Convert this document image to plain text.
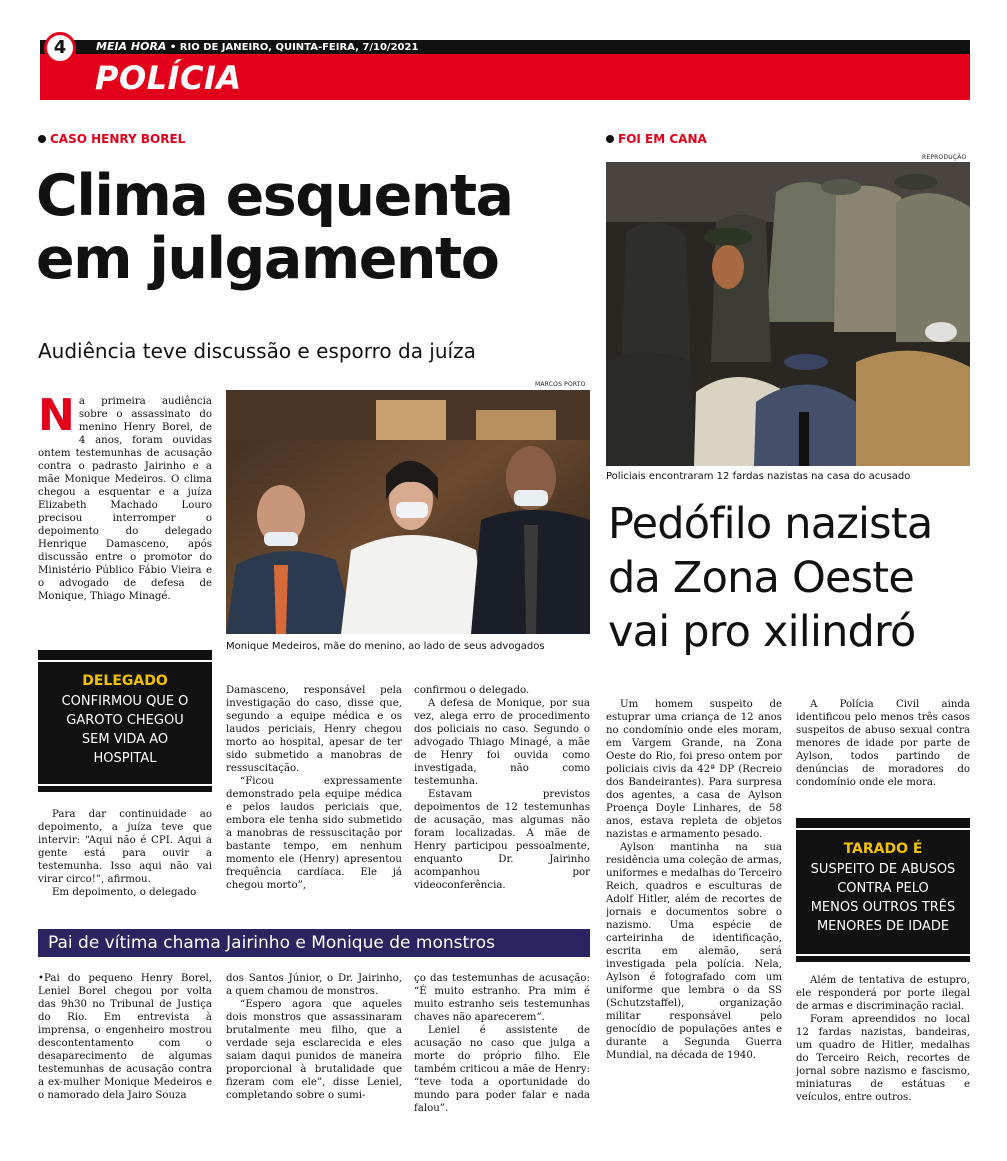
4	MEIA HORA • RIO DE JANEIRO, QUINTA-FEIRA, 7/10/2021
POLÍCIA
CASO HENRY BOREL
Clima esquenta
em julgamento
Audiência teve discussão e esporro da juíza

Na primeira audiência sobre o assassinato do menino Henry Borel, de 4 anos, foram ouvidas ontem testemunhas de acusação contra o padrasto Jairinho e a mãe Monique Medeiros. O clima chegou a esquentar e a juíza Elizabeth Machado Louro precisou interromper o depoimento do delegado Henrique Damasceno, após discussão entre o promotor do Ministério Público Fábio Vieira e o advogado de defesa de Monique, Thiago Minagé.

MARCOS PORTO
Monique Medeiros, mãe do menino, ao lado de seus advogados
DELEGADO
CONFIRMOU QUE O
GAROTO CHEGOU
SEM VIDA AO
HOSPITAL

Para dar continuidade ao depoimento, a juíza teve que intervir: “Aqui não é CPI. Aqui a gente está para ouvir a testemunha. Isso aqui não vai virar circo!”, afirmou.

Em depoimento, o delegado

Damasceno, responsável pela investigação do caso, disse que, segundo a equipe médica e os laudos periciais, Henry chegou morto ao hospital, apesar de ter sido submetido a manobras de ressuscitação.

“Ficou expressamente demonstrado pela equipe médica e pelos laudos periciais que, embora ele tenha sido submetido a manobras de ressuscitação por bastante tempo, em nenhum momento ele (Henry) apresentou frequência cardíaca. Ele já chegou morto”,

confirmou o delegado.

A defesa de Monique, por sua vez, alega erro de procedimento dos policiais no caso. Segundo o advogado Thiago Minagé, a mãe de Henry foi ouvida como investigada, não como testemunha.

Estavam previstos depoimentos de 12 testemunhas de acusação, mas algumas não foram localizadas. A mãe de Henry participou pessoalmente, enquanto Dr. Jairinho acompanhou por videoconferência.

Pai de vítima chama Jairinho e Monique de monstros

•Pai do pequeno Henry Borel, Leniel Borel chegou por volta das 9h30 no Tribunal de Justiça do Rio. Em entrevista à imprensa, o engenheiro mostrou descontentamento com o desaparecimento de algumas testemunhas de acusação contra a ex-mulher Monique Medeiros e o namorado dela Jairo Souza

dos Santos Júnior, o Dr. Jairinho, a quem chamou de monstros.

“Espero agora que aqueles dois monstros que assassinaram brutalmente meu filho, que a verdade seja esclarecida e eles saiam daqui punidos de maneira proporcional à brutalidade que fizeram com ele”, disse Leniel, completando sobre o sumi-

ço das testemunhas de acusação: “É muito estranho. Pra mim é muito estranho seis testemunhas chaves não aparecerem”.

Leniel é assistente de acusação no caso que julga a morte do próprio filho. Ele também criticou a mãe de Henry: “teve toda a oportunidade do mundo para poder falar e nada falou”.

FOI EM CANA
REPRODUÇÃO
Policiais encontraram 12 fardas nazistas na casa do acusado
Pedófilo nazista
da Zona Oeste
vai pro xilindró

Um homem suspeito de estuprar uma criança de 12 anos no condomínio onde eles moram, em Vargem Grande, na Zona Oeste do Rio, foi preso ontem por policiais civis da 42ª DP (Recreio dos Bandeirantes). Para surpresa dos agentes, a casa de Aylson Proença Doyle Linhares, de 58 anos, estava repleta de objetos nazistas e armamento pesado.

Aylson mantinha na sua residência uma coleção de armas, uniformes e medalhas do Terceiro Reich, quadros e esculturas de Adolf Hitler, além de recortes de jornais e documentos sobre o nazismo. Uma espécie de carteirinha de identificação, escrita em alemão, será investigada pela polícia. Nela, Aylson é fotografado com um uniforme que lembra o da SS (Schutzstaffel), organização militar responsável pelo genocídio de populações antes e durante a Segunda Guerra Mundial, na década de 1940.

A Polícia Civil ainda identificou pelo menos três casos suspeitos de abuso sexual contra menores de idade por parte de Aylson, todos partindo de denúncias de moradores do condomínio onde ele mora.

TARADO É
SUSPEITO DE ABUSOS
CONTRA PELO
MENOS OUTROS TRÊS
MENORES DE IDADE

Além de tentativa de estupro, ele responderá por porte ilegal de armas e discriminação racial.

Foram apreendidos no local 12 fardas nazistas, bandeiras, um quadro de Hitler, medalhas do Terceiro Reich, recortes de jornal sobre nazismo e fascismo, miniaturas de estátuas e veículos, entre outros.
